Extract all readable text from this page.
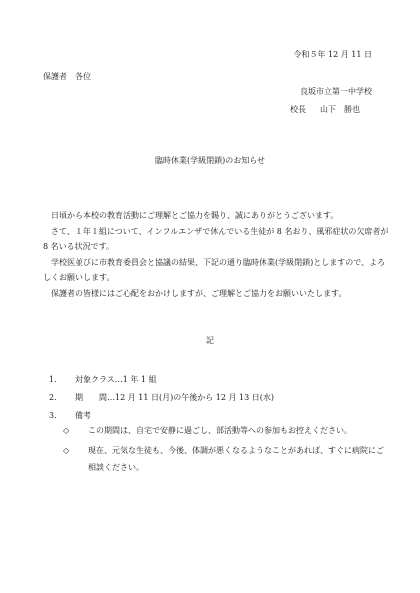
令和５年 12 月 11 日
保護者　各位
良坂市立第一中学校
校長 山下　勝也
臨時休業(学級閉鎖)のお知らせ
日頃から本校の教育活動にご理解とご協力を賜り、誠にありがとうございます。
さて、１年１組について、インフルエンザで休んでいる生徒が 8 名おり、風邪症状の欠席者が 8 名いる状況です。
学校医並びに市教育委員会と協議の結果、下記の通り臨時休業(学級閉鎖)としますので、よろしくお願いします。
保護者の皆様にはご心配をおかけしますが、ご理解とご協力をお願いいたします。
記
1.	対象クラス…1 年 1 組
2.	期　　間…12 月 11 日(月)の午後から 12 月 13 日(水)
3.	備考
◇	この期間は、自宅で安静に過ごし、部活動等への参加もお控えください。
◇	現在、元気な生徒も、今後、体調が悪くなるようなことがあれば、すぐに病院にご相談ください。
